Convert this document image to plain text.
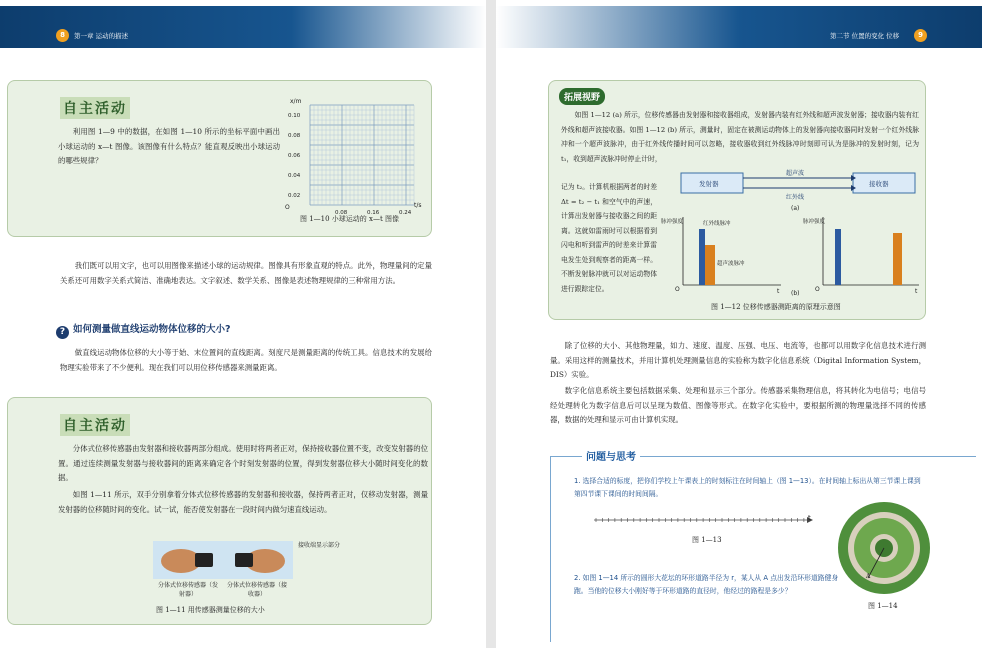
8	第一章 运动的描述
自主活动
利用图 1—9 中的数据，在如图 1—10 所示的坐标平面中画出小球运动的 x—t 图像。该图像有什么特点？能直观反映出小球运动的哪些规律？
x/m
0.10
0.08
0.06
0.04
0.02
0.08	0.16	0.24
O	t/s
图 1—10 小球运动的 x—t 图像
我们既可以用文字，也可以用图像来描述小球的运动规律。图像具有形象直观的特点。此外，物理量间的定量关系还可用数字关系式简洁、准确地表达。文字叙述、数学关系、图像是表述物理规律的三种常用方法。
? 如何测量做直线运动物体位移的大小?
做直线运动物体位移的大小等于始、末位置间的直线距离。刻度尺是测量距离的传统工具。信息技术的发展给物理实验带来了不少便利。现在我们可以用位移传感器来测量距离。
自主活动
分体式位移传感器由发射器和接收器两部分组成。使用时将两者正对，保持接收器位置不变，改变发射器的位置。通过连续测量发射器与接收器间的距离来确定各个时刻发射器的位置，得到发射器位移大小随时间变化的数据。
如图 1—11 所示，双手分别拿着分体式位移传感器的发射器和接收器，保持两者正对，仅移动发射器，测量发射器的位移随时间的变化。试一试，能否使发射器在一段时间内做匀速直线运动。
接收端显示部分
分体式位移传感器（发射器）
分体式位移传感器（接收器）
图 1—11 用传感器测量位移的大小
第二节 位置的变化 位移	9
拓展视野
如图 1—12 (a) 所示，位移传感器由发射器和接收器组成，发射器内装有红外线和超声波发射器；接收器内装有红外线和超声波接收器。如图 1—12 (b) 所示，测量时，固定在被测运动物体上的发射器向接收器同时发射一个红外线脉冲和一个超声波脉冲，由于红外线传播时间可以忽略，接收器收到红外线脉冲时刻即可认为是脉冲的发射时刻，记为 t₁，收到超声波脉冲时停止计时，
记为 t₂。计算机根据两者的时差 Δt = t₂ − t₁ 和空气中的声速，计算出发射器与接收器之间的距离。这就如雷雨时可以根据看到闪电和听到雷声的时差来计算雷电发生处到观察者的距离一样。不断发射脉冲就可以对运动物体进行跟踪定位。
发射器	接收器
超声波
红外线
(a)
脉冲强度	红外线脉冲
超声波脉冲
O	t
脉冲强度
O	t
(b)
图 1—12 位移传感器测距离的原理示意图
除了位移的大小、其他物理量，如力、速度、温度、压强、电压、电流等，也都可以用数字化信息技术进行测量。采用这样的测量技术，并用计算机处理测量信息的实验称为数字化信息系统（Digital Information System，DIS）实验。
数字化信息系统主要包括数据采集、处理和显示三个部分。传感器采集物理信息，将其转化为电信号；电信号经处理转化为数字信息后可以呈现为数值、图像等形式。在数字化实验中，要根据所测的物理量选择不同的传感器，数据的处理和显示可由计算机实现。
问题与思考
1. 选择合适的标度，把你们学校上午课表上的时刻标注在时间轴上（图 1—13）。在时间轴上标出从第三节课上课到第四节课下课间的时间间隔。
t
图 1—13
A
2. 如图 1—14 所示的圆形大花坛的环形道路半径为 r，某人从 A 点出发沿环形道路健身跑。当他的位移大小刚好等于环形道路的直径时，他经过的路程是多少？
图 1—14
